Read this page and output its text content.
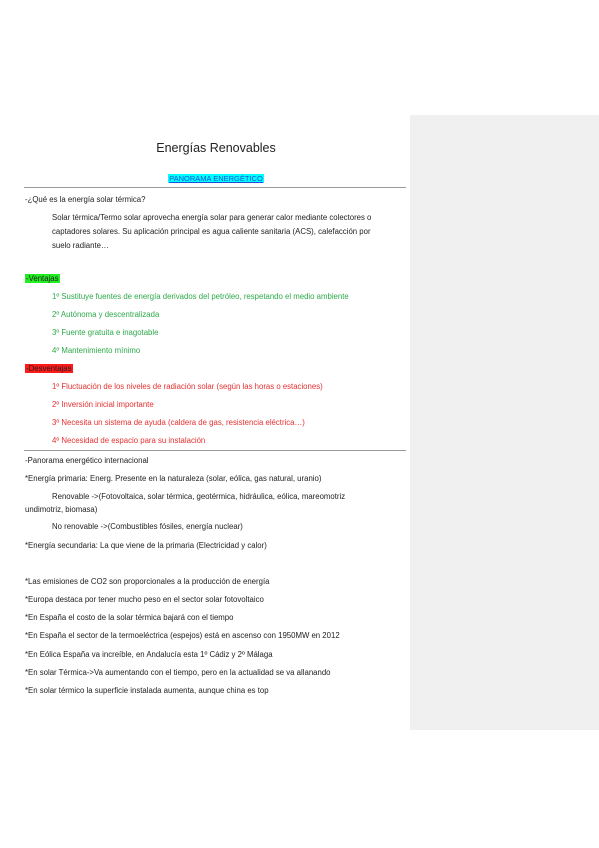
Energías Renovables
PANORAMA ENERGÉTICO
-¿Qué es la energía solar térmica?
Solar térmica/Termo solar aprovecha energía solar para generar calor mediante colectores o
captadores solares. Su aplicación principal es agua caliente sanitaria (ACS), calefacción por
suelo radiante…
-Ventajas
1º Sustituye fuentes de energía derivados del petróleo, respetando el medio ambiente
2º Autónoma y descentralizada
3º Fuente gratuita e inagotable
4º Mantenimiento mínimo
-Desventajas
1º Fluctuación de los niveles de radiación solar (según las horas o estaciones)
2º Inversión inicial importante
3º Necesita un sistema de ayuda (caldera de gas, resistencia eléctrica…)
4º Necesidad de espacio para su instalación
-Panorama energético internacional
*Energía primaria: Energ. Presente en la naturaleza (solar, eólica, gas natural, uranio)
Renovable ->(Fotovoltaica, solar térmica, geotérmica, hidráulica, eólica, mareomotriz
undimotriz, biomasa)
No renovable ->(Combustibles fósiles, energía nuclear)
*Energía secundaria: La que viene de la primaria (Electricidad y calor)
*Las emisiones de CO2 son proporcionales a la producción de energía
*Europa destaca por tener mucho peso en el sector solar fotovoltaico
*En España el costo de la solar térmica bajará con el tiempo
*En España el sector de la termoeléctrica (espejos) está en ascenso con 1950MW en 2012
*En Eólica España va increíble, en Andalucía esta 1º Cádiz y 2º Málaga
*En solar Térmica->Va aumentando con el tiempo, pero en la actualidad se va allanando
*En solar térmico la superficie instalada aumenta, aunque china es top
